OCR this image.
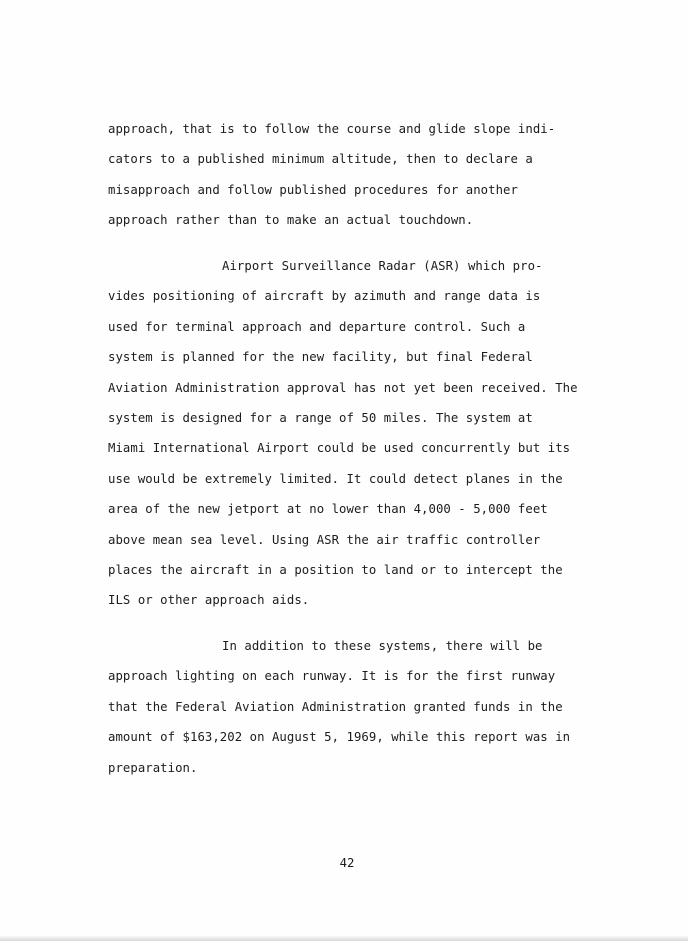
approach, that is to follow the course and glide slope indi-
cators to a published minimum altitude, then to declare a
misapproach and follow published procedures for another
approach rather than to make an actual touchdown.
Airport Surveillance Radar (ASR) which pro-
vides positioning of aircraft by azimuth and range data is
used for terminal approach and departure control. Such a
system is planned for the new facility, but final Federal
Aviation Administration approval has not yet been received. The
system is designed for a range of 50 miles. The system at
Miami International Airport could be used concurrently but its
use would be extremely limited. It could detect planes in the
area of the new jetport at no lower than 4,000 - 5,000 feet
above mean sea level. Using ASR the air traffic controller
places the aircraft in a position to land or to intercept the
ILS or other approach aids.
In addition to these systems, there will be
approach lighting on each runway. It is for the first runway
that the Federal Aviation Administration granted funds in the
amount of $163,202 on August 5, 1969, while this report was in
preparation.
42
